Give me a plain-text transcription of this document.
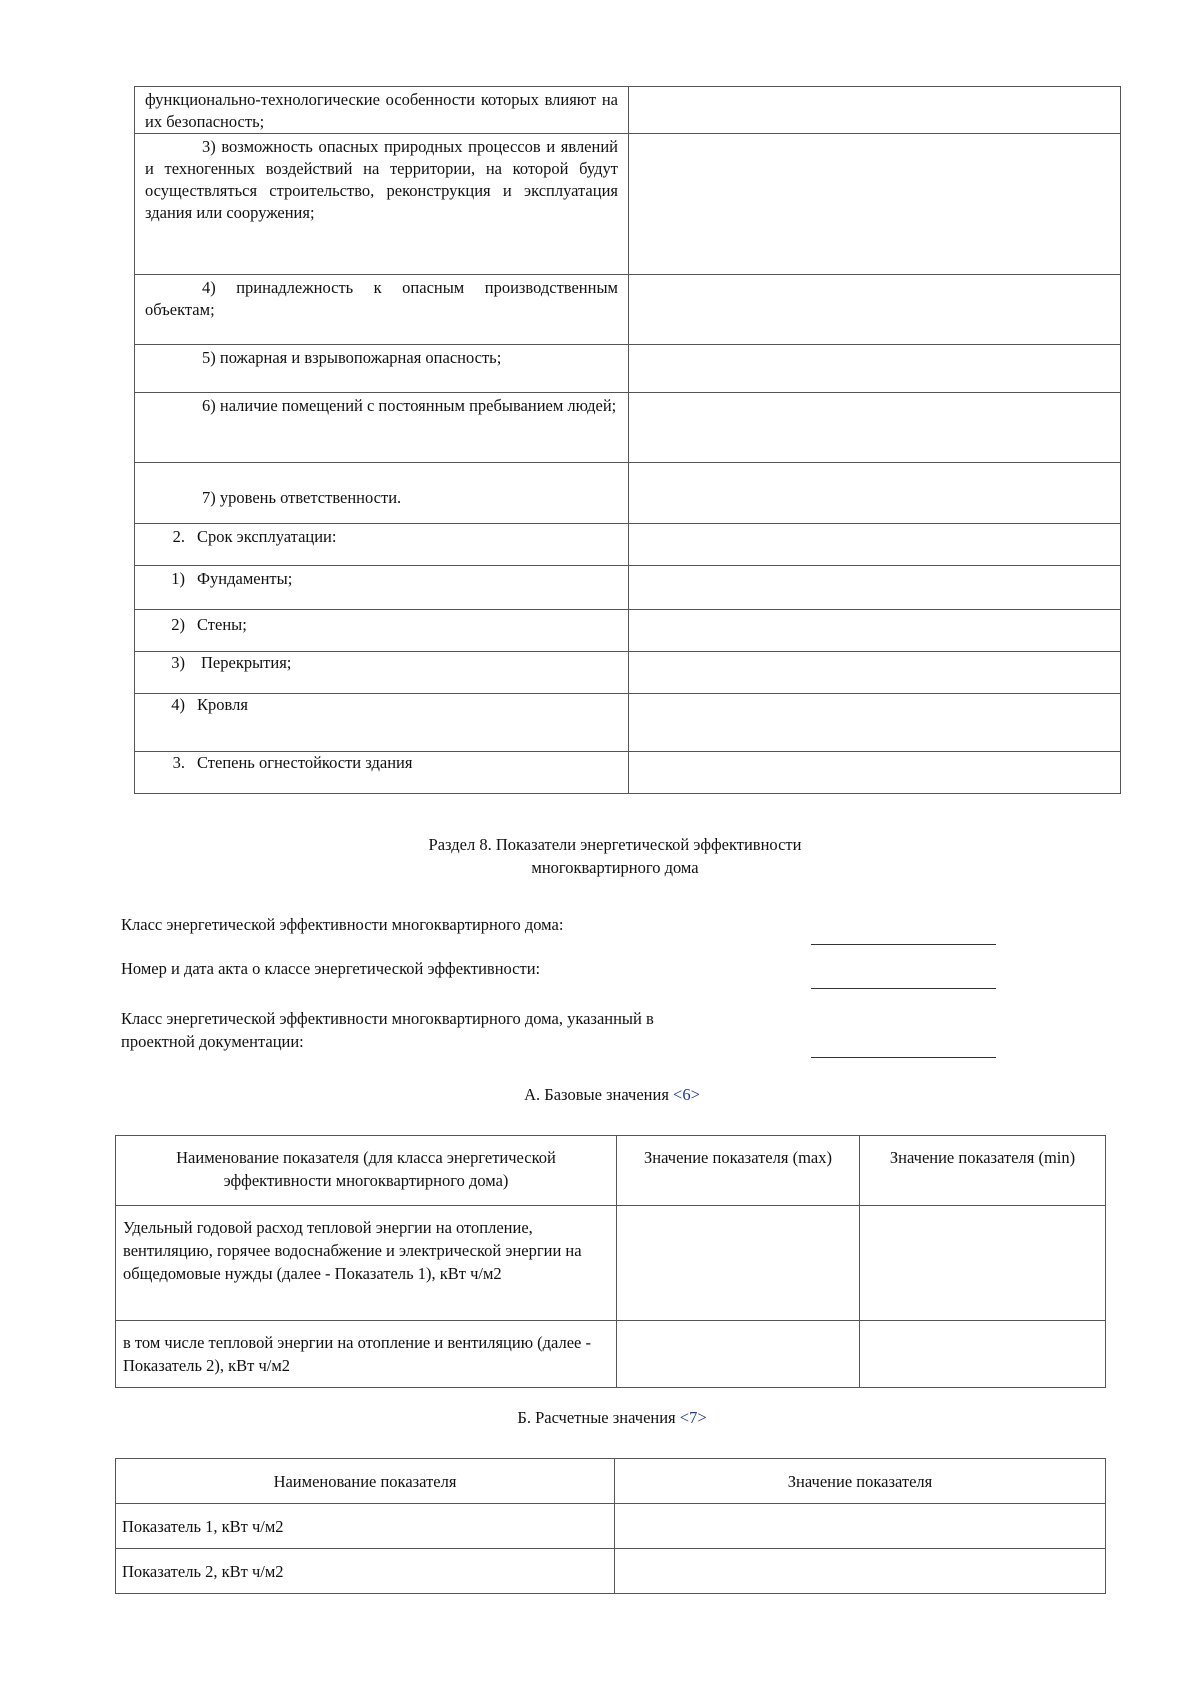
функционально-технологические особенности которых влияют на их безопасность;	
3) возможность опасных природных процессов и явлений и техногенных воздействий на территории, на которой будут осуществляться строительство, реконструкция и эксплуатация здания или сооружения;	
4) принадлежность к опасным производственным объектам;	
5) пожарная и взрывопожарная опасность;	
6) наличие помещений с постоянным пребыванием людей;	
7) уровень ответственности.	
2. Срок эксплуатации:	
1) Фундаменты;	
2) Стены;	
3) Перекрытия;	
4) Кровля	
3. Степень огнестойкости здания	
Раздел 8. Показатели энергетической эффективности
многоквартирного дома
Класс энергетической эффективности многоквартирного дома:
Номер и дата акта о классе энергетической эффективности:
Класс энергетической эффективности многоквартирного дома, указанный в
проектной документации:
А. Базовые значения <6>
Наименование показателя (для класса энергетической эффективности многоквартирного дома)	Значение показателя (max)	Значение показателя (min)
Удельный годовой расход тепловой энергии на отопление, вентиляцию, горячее водоснабжение и электрической энергии на общедомовые нужды (далее - Показатель 1), кВт ч/м2		
в том числе тепловой энергии на отопление и вентиляцию (далее - Показатель 2), кВт ч/м2		
Б. Расчетные значения <7>
Наименование показателя	Значение показателя
Показатель 1, кВт ч/м2	
Показатель 2, кВт ч/м2	
